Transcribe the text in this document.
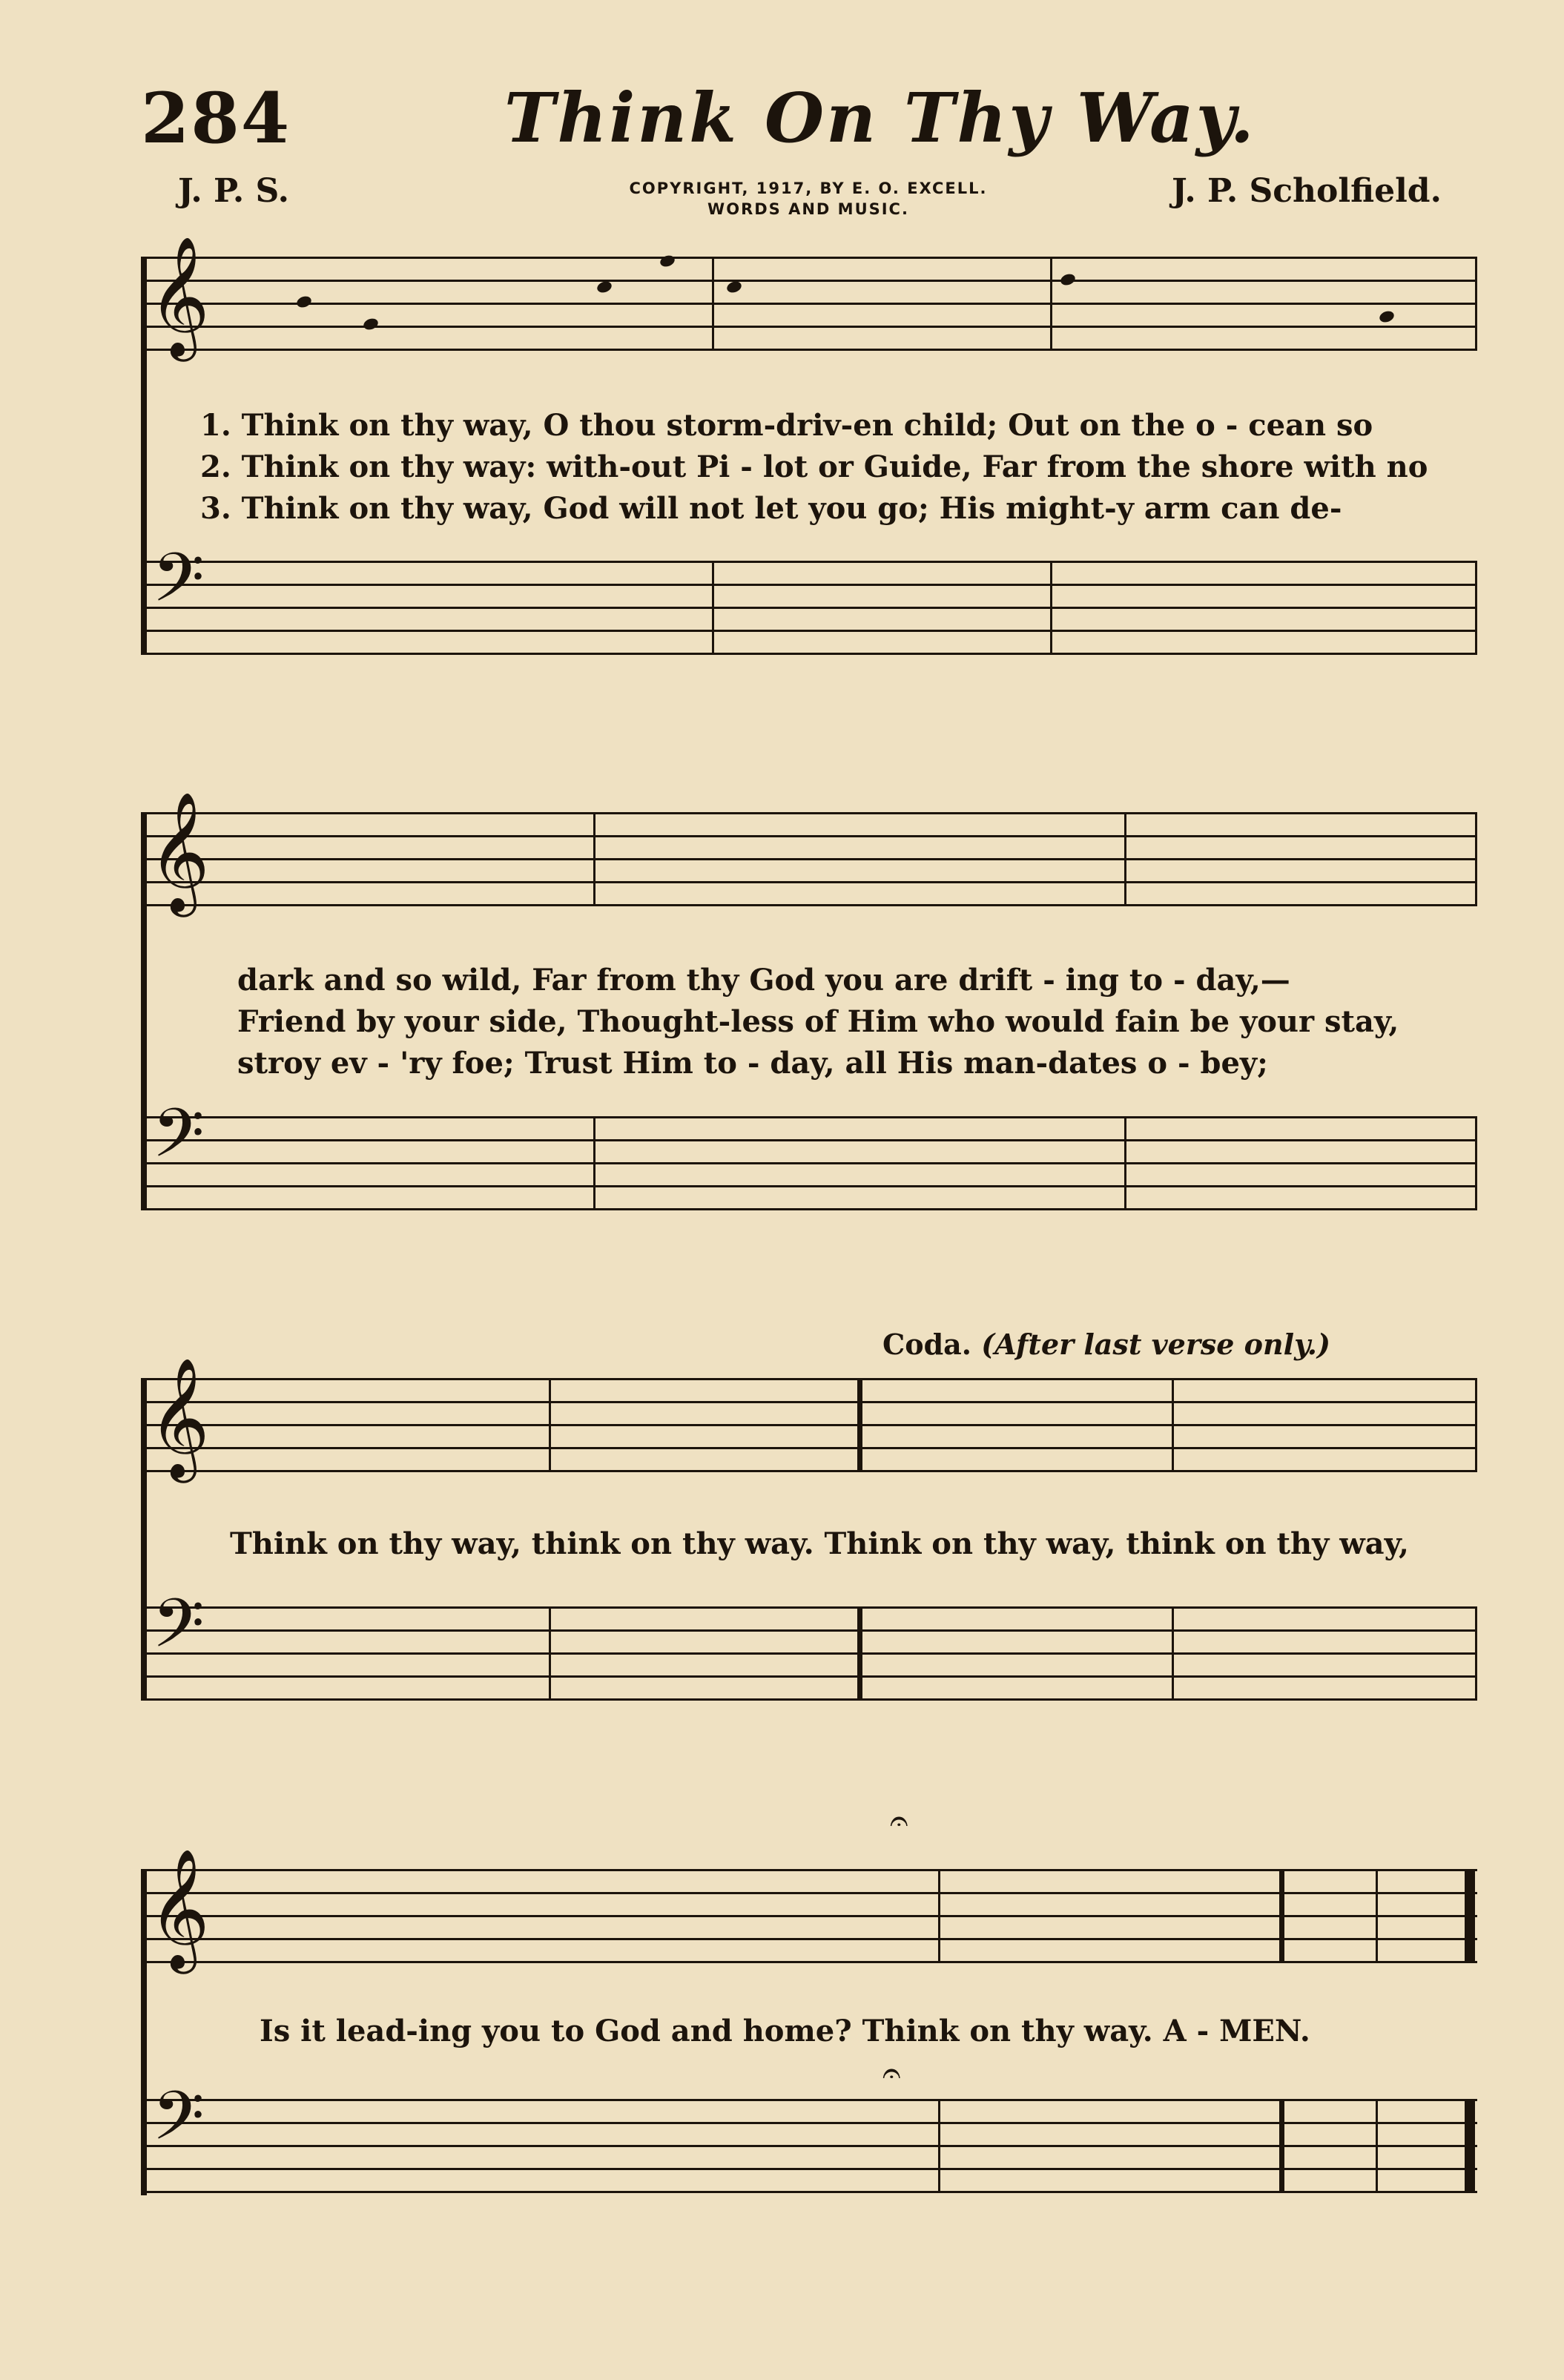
284	Think On Thy Way.
J. P. S.	COPYRIGHT, 1917, BY E. O. EXCELL.
WORDS AND MUSIC.	J. P. Scholfield.
𝄞
1. Think on thy way, O thou storm-driv-en child; Out on the o - cean so
2. Think on thy way: with-out Pi - lot or Guide, Far from the shore with no
3. Think on thy way, God will not let you go; His might-y arm can de-
𝄢
𝄞
dark and so wild, Far from thy God you are drift - ing to - day,—
Friend by your side, Thought-less of Him who would fain be your stay,
stroy ev - 'ry foe; Trust Him to - day, all His man-dates o - bey;
𝄢
Coda. (After last verse only.)
𝄞
Think on thy way, think on thy way. Think on thy way, think on thy way,
𝄢
𝄞
𝄐
Is it lead-ing you to God and home? Think on thy way. A - MEN.
𝄢
𝄐
